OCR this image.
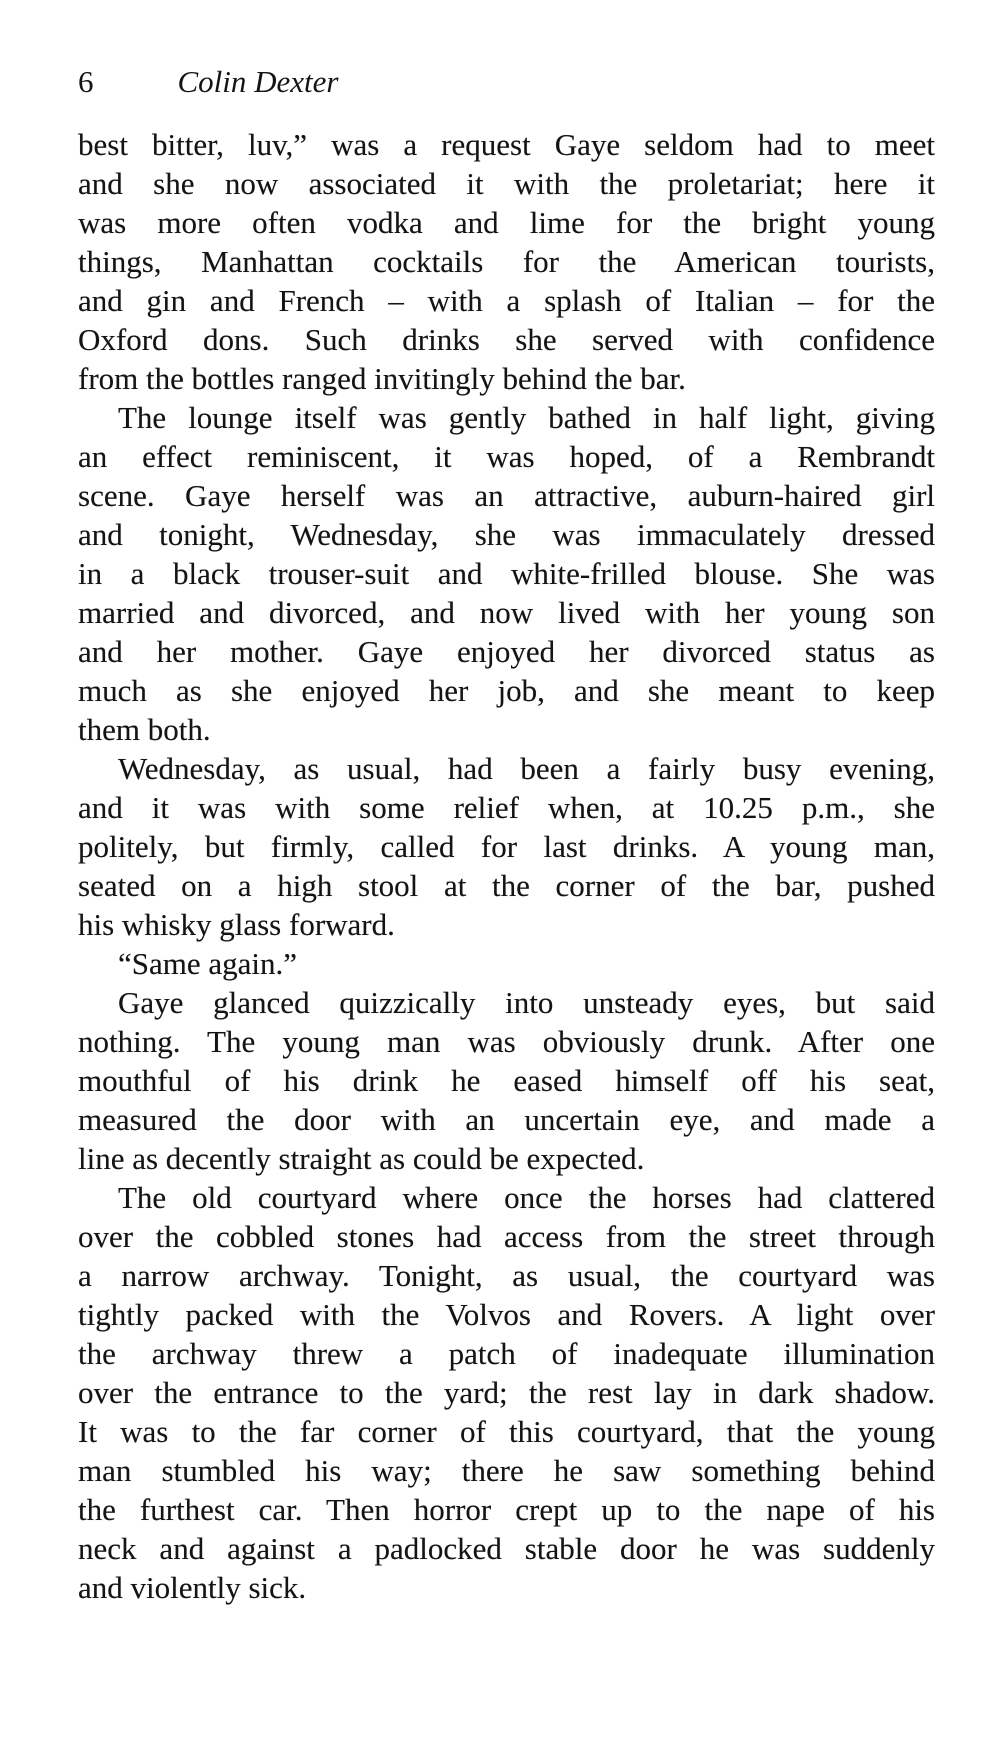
6	Colin Dexter
best bitter, luv,” was a request Gaye seldom had to meet
and she now associated it with the proletariat; here it
was more often vodka and lime for the bright young
things, Manhattan cocktails for the American tourists,
and gin and French – with a splash of Italian – for the
Oxford dons. Such drinks she served with confidence
from the bottles ranged invitingly behind the bar.
The lounge itself was gently bathed in half light, giving
an effect reminiscent, it was hoped, of a Rembrandt
scene. Gaye herself was an attractive, auburn-haired girl
and tonight, Wednesday, she was immaculately dressed
in a black trouser-suit and white-frilled blouse. She was
married and divorced, and now lived with her young son
and her mother. Gaye enjoyed her divorced status as
much as she enjoyed her job, and she meant to keep
them both.
Wednesday, as usual, had been a fairly busy evening,
and it was with some relief when, at 10.25 p.m., she
politely, but firmly, called for last drinks. A young man,
seated on a high stool at the corner of the bar, pushed
his whisky glass forward.
“Same again.”
Gaye glanced quizzically into unsteady eyes, but said
nothing. The young man was obviously drunk. After one
mouthful of his drink he eased himself off his seat,
measured the door with an uncertain eye, and made a
line as decently straight as could be expected.
The old courtyard where once the horses had clattered
over the cobbled stones had access from the street through
a narrow archway. Tonight, as usual, the courtyard was
tightly packed with the Volvos and Rovers. A light over
the archway threw a patch of inadequate illumination
over the entrance to the yard; the rest lay in dark shadow.
It was to the far corner of this courtyard, that the young
man stumbled his way; there he saw something behind
the furthest car. Then horror crept up to the nape of his
neck and against a padlocked stable door he was suddenly
and violently sick.
